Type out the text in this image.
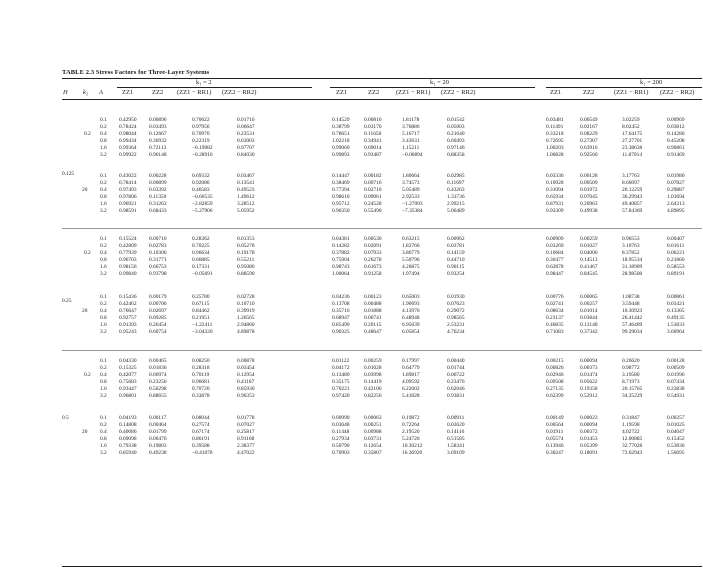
TABLE 2.3 Stress Factors for Three-Layer Systems
k₁ = 2	k₁ = 20	k₁ = 200
H k₂ A	ZZ1	ZZ2 (ZZ1 − RR1) (ZZ2 − RR2)	ZZ1	ZZ2	(ZZ1 − RR1) (ZZ2 − RR2)	ZZ1	ZZ2	(ZZ1 − RR1) (ZZ2 − RR2)
0.125
0.2
0.1 0.42950 0.00896	0.70622	0.01716	0.14529	0.00810	1.81178	0.01542	0.03481	0.00549	3.02259	0.00969
0.2 0.78424 0.03493	0.97956	0.06647	0.38799	0.03170	3.76886	0.05003	0.11491	0.02167	8.02452	0.03812
0.4 0.98044 0.12667	0.70970	0.23531	0.78651	0.11650	5.16717	0.21640	0.33218	0.08229	17.64175	0.14286
0.8 0.99434 0.36932	0.22319	0.63003	1.02218	0.34941	3.43631	0.60493	0.72695	0.27307	27.27701	0.45208
1.6 0.99364 0.72113	−0.19082	0.97707	0.99060	0.69014	1.15211	0.97146	1.00203	0.63916	23.38638	0.90861
3.2 0.99922 0.96148	−0.28916	0.84030	0.99893	0.93487	−0.06894	0.88358	1.00828	0.92560	11.87014	0.91469
20
0.1 0.43022 0.00228	0.69332	0.03467	0.14447	0.00182	1.80664	0.02985	0.03336	0.00128	3.17763	0.01980
0.2 0.78414 0.00899	0.92086	0.13541	0.38469	0.00716	3.74573	0.11697	0.10928	0.00509	8.66097	0.07827
0.4 0.97493 0.03392	0.46583	0.49523	0.77394	0.02710	5.05489	0.43263	0.31094	0.01972	20.12259	0.29887
0.8 0.97806 0.11350	−0.66535	1.49612	0.98610	0.09061	2.92533	1.33736	0.65934	0.07045	36.29943	1.01694
1.6 0.96921 0.31263	−2.82859	3.28512	0.95712	0.24528	−1.27093	2.99215	0.87931	0.20963	49.40857	2.64313
3.2 0.98591 0.68433	−5.27906	5.05952	0.96350	0.55490	−7.35384	5.06489	0.93309	0.49938	57.84369	4.89895
0.25
0.2
0.1 0.15524 0.00710	0.28362	0.01353	0.04381	0.00530	0.63215	0.00962	0.00909	0.00259	0.96553	0.00407
0.2 0.42809 0.02783	0.70225	0.05278	0.14282	0.02091	1.83766	0.03781	0.03269	0.01027	3.10763	0.01611
0.4 0.77939 0.10306	0.96634	0.19178	0.37882	0.07933	3.86779	0.14159	0.10684	0.04000	8.37852	0.06221
0.8 0.96703 0.31771	0.66885	0.55211	0.75904	0.26278	5.50796	0.44710	0.30477	0.14513	18.95534	0.21860
1.6 0.98156 0.66753	0.17331	0.95080	0.98743	0.61673	4.26875	0.90115	0.62878	0.41467	31.18909	0.58553
3.2 0.99840 0.93798	−0.05691	0.88590	1.00064	0.91258	1.97494	0.93254	0.98447	0.84545	28.98500	0.89191
20
0.1 0.15436 0.00179	0.25780	0.02728	0.04236	0.00123	0.65003	0.01930	0.00776	0.00065	1.08738	0.00861
0.2 0.42462 0.00706	0.67115	0.10710	0.13708	0.00488	1.90693	0.07623	0.02741	0.00257	3.59448	0.03421
0.4 0.76647 0.02697	0.84462	0.39919	0.35716	0.01888	4.13976	0.29072	0.08634	0.01014	10.30923	0.13365
0.8 0.92757 0.09285	0.21951	1.26565	0.68947	0.06741	6.48948	0.98565	0.23137	0.03844	26.41442	0.49135
1.6 0.91393 0.26454	−1.22411	2.94860	0.85490	0.20115	6.95639	2.53231	0.46835	0.13148	57.46409	1.53833
3.2 0.95243 0.60754	−3.04320	4.89878	0.90325	0.48647	6.05854	4.76234	0.71083	0.37342	99.29034	3.60964
0.5
0.2
0.1 0.04330 0.00465	0.08250	0.00878	0.01122	0.00259	0.17997	0.00440	0.00215	0.00094	0.26620	0.00128
0.2 0.15325 0.01836	0.28318	0.03454	0.04172	0.01028	0.64779	0.01744	0.00826	0.00373	0.98772	0.00509
0.4 0.42077 0.06974	0.70119	0.12954	0.13480	0.03998	1.89817	0.06722	0.02946	0.01474	3.19580	0.01996
0.8 0.75683 0.23256	0.96681	0.41187	0.35175	0.14419	4.09592	0.23476	0.09508	0.05622	8.71973	0.07434
1.6 0.93447 0.56298	0.70726	0.85930	0.70221	0.42106	6.22002	0.62046	0.27135	0.19358	20.15765	0.23838
3.2 0.96801 0.88655	0.33878	0.96353	0.97420	0.82256	5.41828	0.93831	0.62399	0.52912	34.25229	0.54931
20
0.1 0.04193 0.00117	0.08044	0.01778	0.00990	0.00063	0.19872	0.00911	0.00149	0.00023	0.31847	0.00257
0.2 0.14808 0.00464	0.27574	0.07027	0.03648	0.00251	0.72264	0.03620	0.00564	0.00094	1.19598	0.01025
0.4 0.40086 0.01799	0.67174	0.25817	0.11448	0.00988	2.19520	0.14116	0.01911	0.00372	4.02722	0.04047
0.8 0.69098 0.06476	0.86191	0.91168	0.27934	0.03731	5.24726	0.51585	0.05574	0.01453	12.00885	0.15452
1.6 0.79338 0.19803	0.39588	2.38377	0.50790	0.12654	10.30212	1.58341	0.13946	0.05399	32.77028	0.53836
3.2 0.85940 0.49238	−0.41078	4.47022	0.70903	0.35807	16.36920	3.69109	0.30247	0.18091	73.62943	1.56695
